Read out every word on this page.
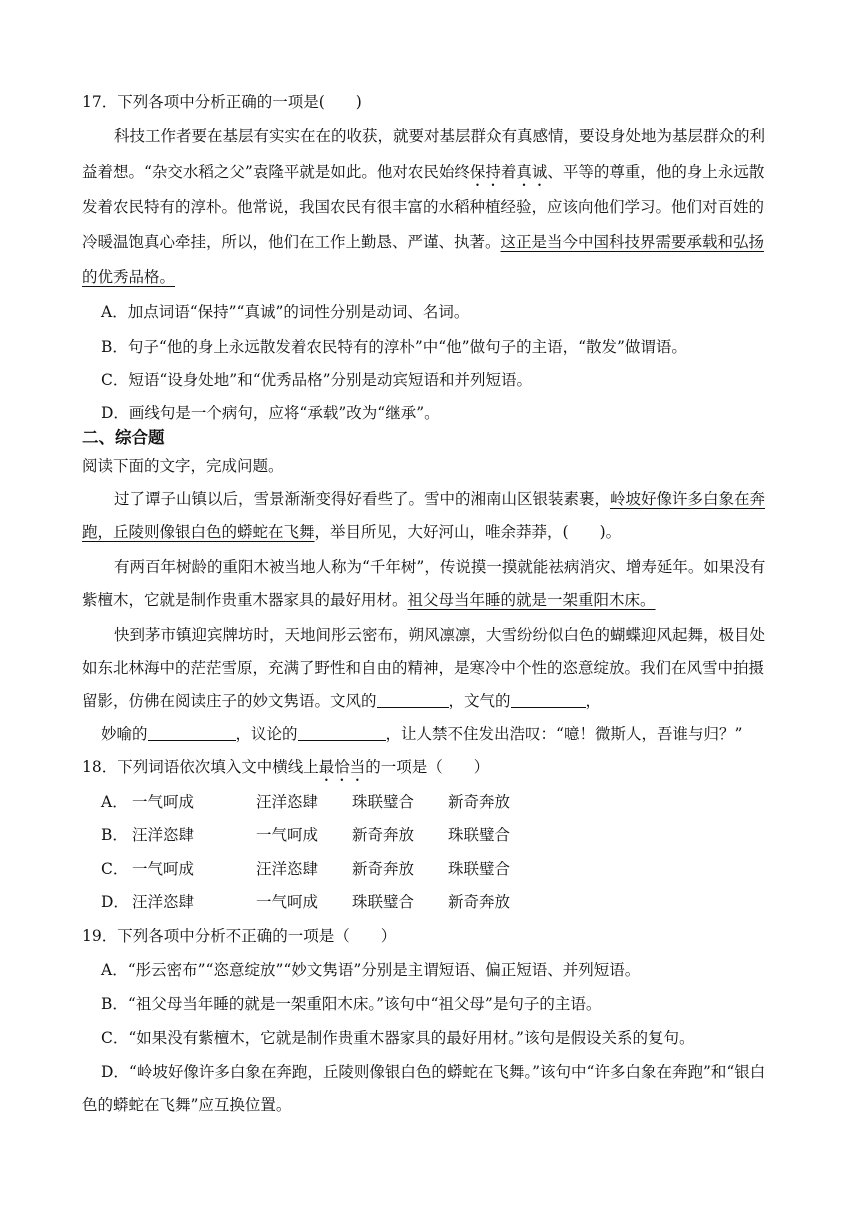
17．下列各项中分析正确的一项是(　　)
科技工作者要在基层有实实在在的收获，就要对基层群众有真感情，要设身处地为基层群众的利
益着想。“杂交水稻之父”袁隆平就是如此。他对农民始终保持着真诚、平等的尊重，他的身上永远散
发着农民特有的淳朴。他常说，我国农民有很丰富的水稻种植经验，应该向他们学习。他们对百姓的
冷暖温饱真心牵挂，所以，他们在工作上勤恳、严谨、执著。这正是当今中国科技界需要承载和弘扬
的优秀品格。
A．加点词语“保持”“真诚”的词性分别是动词、名词。
B．句子“他的身上永远散发着农民特有的淳朴”中“他”做句子的主语，“散发”做谓语。
C．短语“设身处地”和“优秀品格”分别是动宾短语和并列短语。
D．画线句是一个病句，应将“承载”改为“继承”。
二、综合题
阅读下面的文字，完成问题。
过了谭子山镇以后，雪景渐渐变得好看些了。雪中的湘南山区银装素裹，岭坡好像许多白象在奔
跑，丘陵则像银白色的蟒蛇在飞舞，举目所见，大好河山，唯余莽莽，(　　)。
有两百年树龄的重阳木被当地人称为“千年树”，传说摸一摸就能祛病消灾、增寿延年。如果没有
紫檀木，它就是制作贵重木器家具的最好用材。祖父母当年睡的就是一架重阳木床。
快到茅市镇迎宾牌坊时，天地间彤云密布，朔风凛凛，大雪纷纷似白色的蝴蝶迎风起舞，极目处
如东北林海中的茫茫雪原，充满了野性和自由的精神，是寒冷中个性的恣意绽放。我们在风雪中拍摄
留影，仿佛在阅读庄子的妙文隽语。文风的	，文气的	，
妙喻的	，议论的	，让人禁不住发出浩叹：“噫！微斯人，吾谁与归？”
18．下列词语依次填入文中横线上最恰当的一项是（　　）
A． 一气呵成	汪洋恣肆 珠联璧合 新奇奔放
B． 汪洋恣肆	一气呵成 新奇奔放 珠联璧合
C． 一气呵成	汪洋恣肆 新奇奔放 珠联璧合
D． 汪洋恣肆	一气呵成 珠联璧合 新奇奔放
19．下列各项中分析不正确的一项是（　　）
A．“彤云密布”“恣意绽放”“妙文隽语”分别是主谓短语、偏正短语、并列短语。
B．“祖父母当年睡的就是一架重阳木床。”该句中“祖父母”是句子的主语。
C．“如果没有紫檀木，它就是制作贵重木器家具的最好用材。”该句是假设关系的复句。
D．“岭坡好像许多白象在奔跑，丘陵则像银白色的蟒蛇在飞舞。”该句中“许多白象在奔跑”和“银白
色的蟒蛇在飞舞”应互换位置。
